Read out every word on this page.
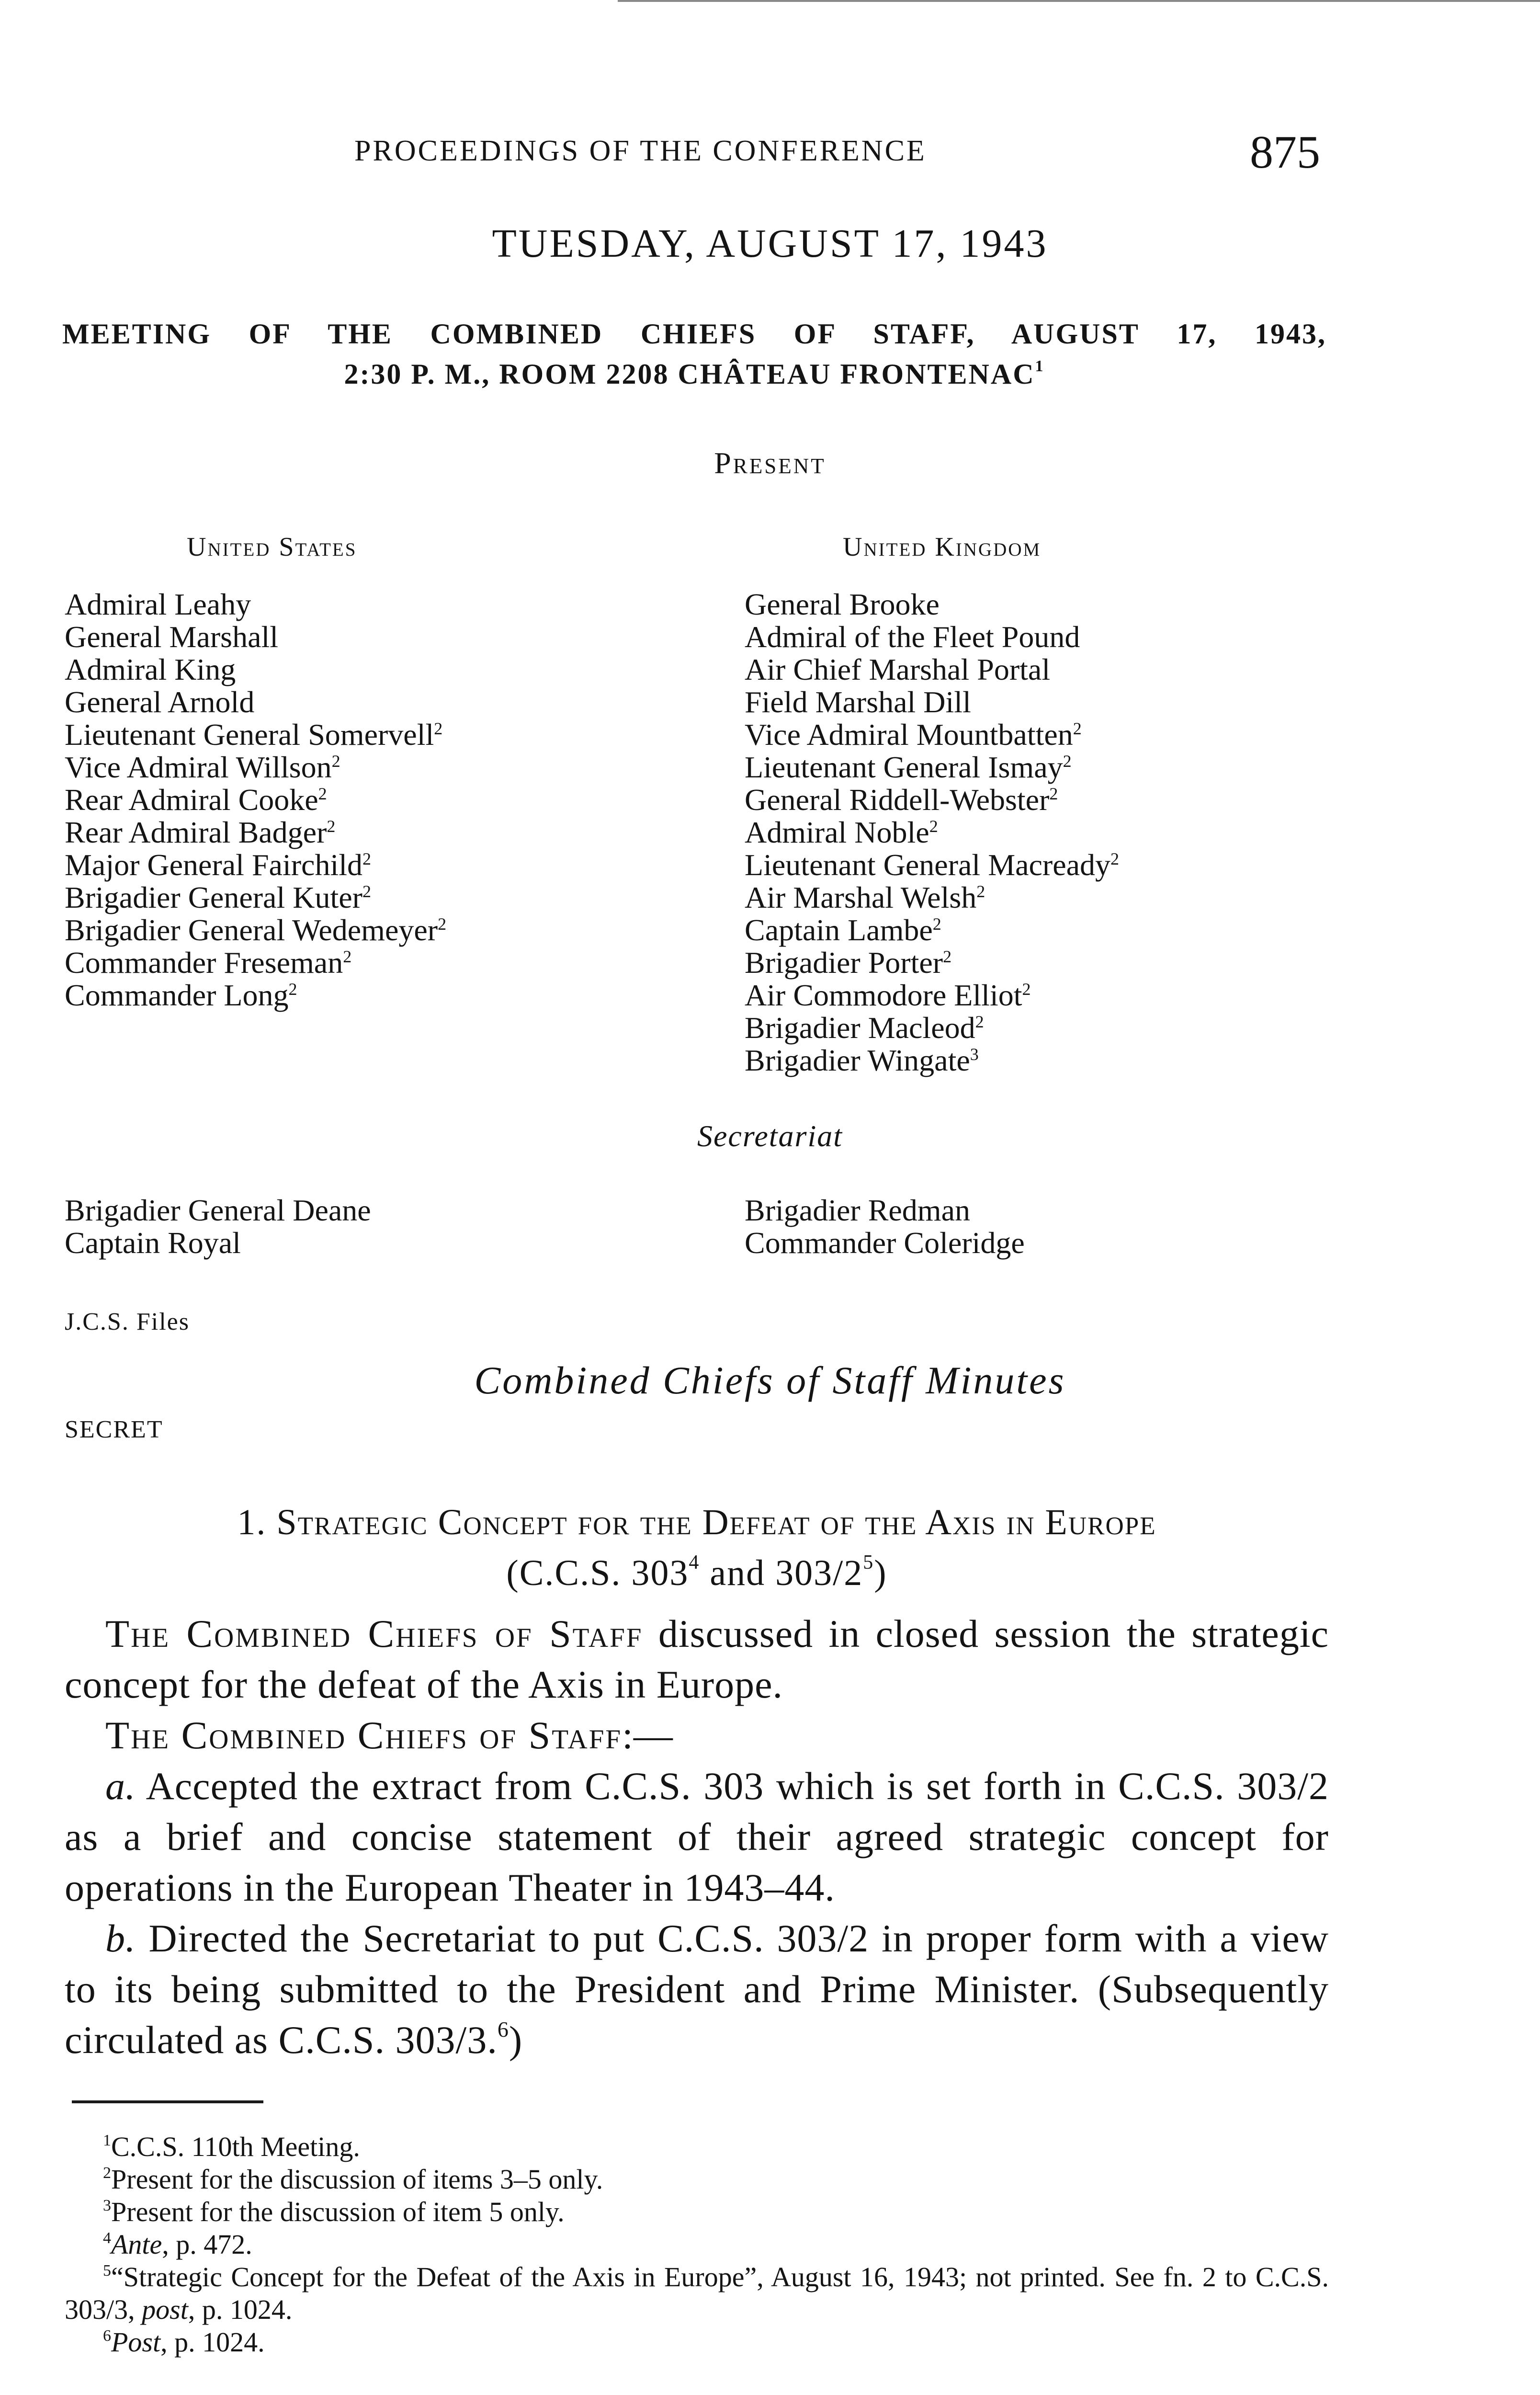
PROCEEDINGS OF THE CONFERENCE	875

TUESDAY, AUGUST 17, 1943
MEETING OF THE COMBINED CHIEFS OF STAFF, AUGUST 17, 1943,
2:30 P. M., ROOM 2208 CHÂTEAU FRONTENAC$^1$

Present

United States	United Kingdom

Admiral Leahy
General Marshall
Admiral King
General Arnold
Lieutenant General Somervell$^2$
Vice Admiral Willson$^2$
Rear Admiral Cooke$^2$
Rear Admiral Badger$^2$
Major General Fairchild$^2$
Brigadier General Kuter$^2$
Brigadier General Wedemeyer$^2$
Commander Freseman$^2$
Commander Long$^2$
General Brooke
Admiral of the Fleet Pound
Air Chief Marshal Portal
Field Marshal Dill
Vice Admiral Mountbatten$^2$
Lieutenant General Ismay$^2$
General Riddell-Webster$^2$
Admiral Noble$^2$
Lieutenant General Macready$^2$
Air Marshal Welsh$^2$
Captain Lambe$^2$
Brigadier Porter$^2$
Air Commodore Elliot$^2$
Brigadier Macleod$^2$
Brigadier Wingate$^3$

Secretariat

Brigadier General Deane
Captain Royal
Brigadier Redman
Commander Coleridge

J.C.S. Files

Combined Chiefs of Staff Minutes

SECRET

1. Strategic Concept for the Defeat of the Axis in Europe
(C.C.S. $303^4$ and $303/2^5$)

The Combined Chiefs of Staff discussed in closed session the strategic concept for the defeat of the Axis in Europe.

The Combined Chiefs of Staff:—

a. Accepted the extract from C.C.S. 303 which is set forth in C.C.S. 303/2 as a brief and concise statement of their agreed strategic concept for operations in the European Theater in 1943–44.

b. Directed the Secretariat to put C.C.S. 303/2 in proper form with a view to its being submitted to the President and Prime Minister. (Subsequently circulated as C.C.S. 303/3.$^6$)

$^1$C.C.S. 110th Meeting.
$^2$Present for the discussion of items 3–5 only.
$^3$Present for the discussion of item 5 only.
$^4$Ante, p. 472.
$^5$“Strategic Concept for the Defeat of the Axis in Europe”, August 16, 1943; not printed. See fn. 2 to C.C.S. 303/3, post, p. 1024.
$^6$Post, p. 1024.
